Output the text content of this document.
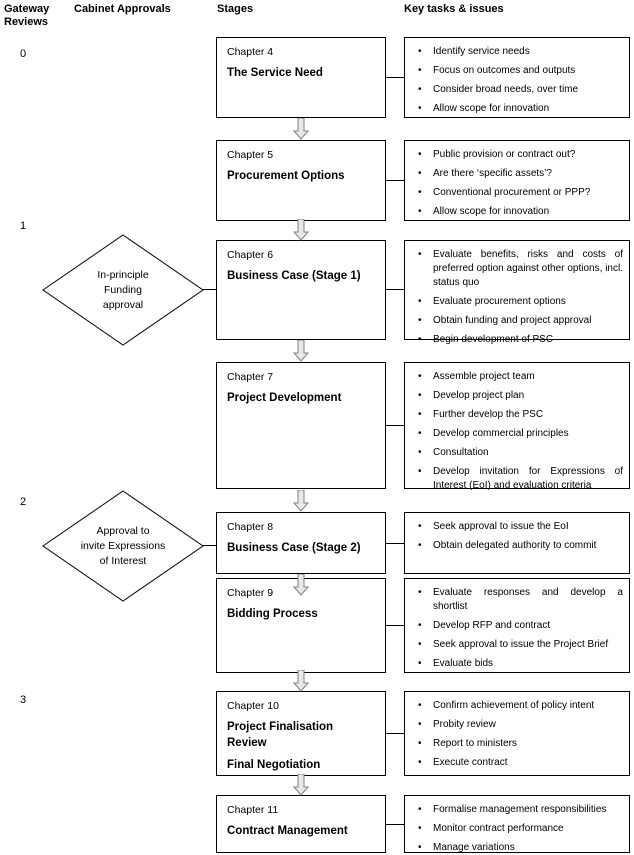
Gateway
Reviews
Cabinet Approvals	Stages	Key tasks & issues
0
1
2
3
In-principle
Funding
approval
Approval to
invite Expressions
of Interest
Chapter 4
The Service Need
Chapter 5
Procurement Options
Chapter 6
Business Case (Stage 1)
Chapter 7
Project Development
Chapter 8
Business Case (Stage 2)
Chapter 9
Bidding Process
Chapter 10
Project Finalisation Review
Final Negotiation
Chapter 11
Contract Management
• Identify service needs
• Focus on outcomes and outputs
• Consider broad needs, over time
• Allow scope for innovation
• Public provision or contract out?
• Are there ‘specific assets’?
• Conventional procurement or PPP?
• Allow scope for innovation
• Evaluate benefits, risks and costs of preferred option against other options, incl. status quo
• Evaluate procurement options
• Obtain funding and project approval
• Begin development of PSC
• Assemble project team
• Develop project plan
• Further develop the PSC
• Develop commercial principles
• Consultation
• Develop invitation for Expressions of Interest (EoI) and evaluation criteria
• Seek approval to issue the EoI
• Obtain delegated authority to commit
• Evaluate responses and develop a shortlist
• Develop RFP and contract
• Seek approval to issue the Project Brief
• Evaluate bids
• Confirm achievement of policy intent
• Probity review
• Report to ministers
• Execute contract
• Formalise management responsibilities
• Monitor contract performance
• Manage variations
